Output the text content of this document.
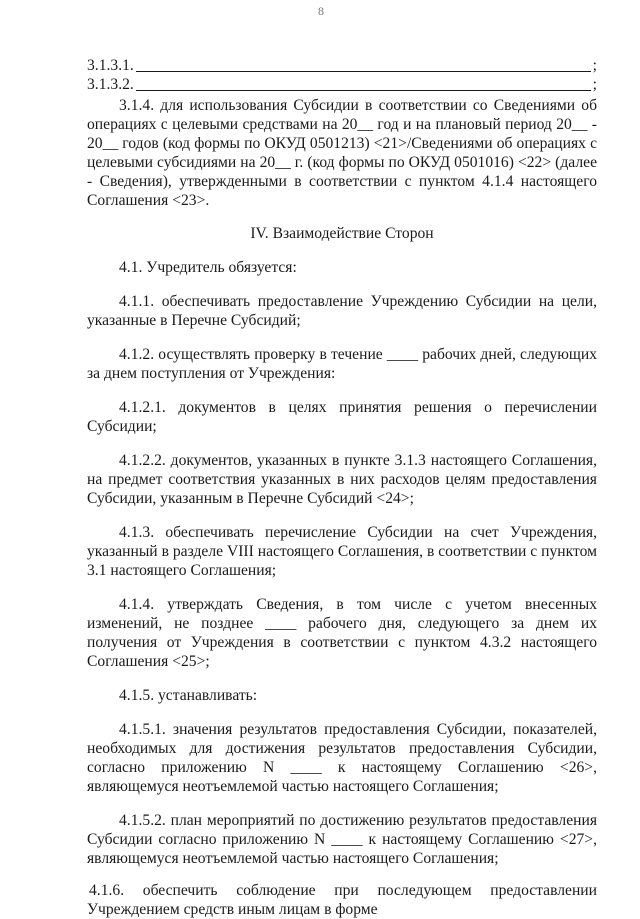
8
3.1.3.1.	;
3.1.3.2.	;

3.1.4. для использования Субсидии в соответствии со Сведениями об операциях с целевыми средствами на 20__ год и на плановый период 20__ - 20__ годов (код формы по ОКУД 0501213) <21>/Сведениями об операциях с целевыми субсидиями на 20__ г. (код формы по ОКУД 0501016) <22> (далее - Сведения), утвержденными в соответствии с пунктом 4.1.4 настоящего Соглашения <23>.

IV. Взаимодействие Сторон

4.1. Учредитель обязуется:

4.1.1. обеспечивать предоставление Учреждению Субсидии на цели, указанные в Перечне Субсидий;

4.1.2. осуществлять проверку в течение ____ рабочих дней, следующих за днем поступления от Учреждения:

4.1.2.1. документов в целях принятия решения о перечислении Субсидии;

4.1.2.2. документов, указанных в пункте 3.1.3 настоящего Соглашения, на предмет соответствия указанных в них расходов целям предоставления Субсидии, указанным в Перечне Субсидий <24>;

4.1.3. обеспечивать перечисление Субсидии на счет Учреждения, указанный в разделе VIII настоящего Соглашения, в соответствии с пунктом 3.1 настоящего Соглашения;

4.1.4. утверждать Сведения, в том числе с учетом внесенных изменений, не позднее ____ рабочего дня, следующего за днем их получения от Учреждения в соответствии с пунктом 4.3.2 настоящего Соглашения <25>;

4.1.5. устанавливать:

4.1.5.1. значения результатов предоставления Субсидии, показателей, необходимых для достижения результатов предоставления Субсидии, согласно приложению N ____ к настоящему Соглашению <26>, являющемуся неотъемлемой частью настоящего Соглашения;

4.1.5.2. план мероприятий по достижению результатов предоставления Субсидии согласно приложению N ____ к настоящему Соглашению <27>, являющемуся неотъемлемой частью настоящего Соглашения;

4.1.6. обеспечить соблюдение при последующем предоставлении Учреждением средств иным лицам в форме
